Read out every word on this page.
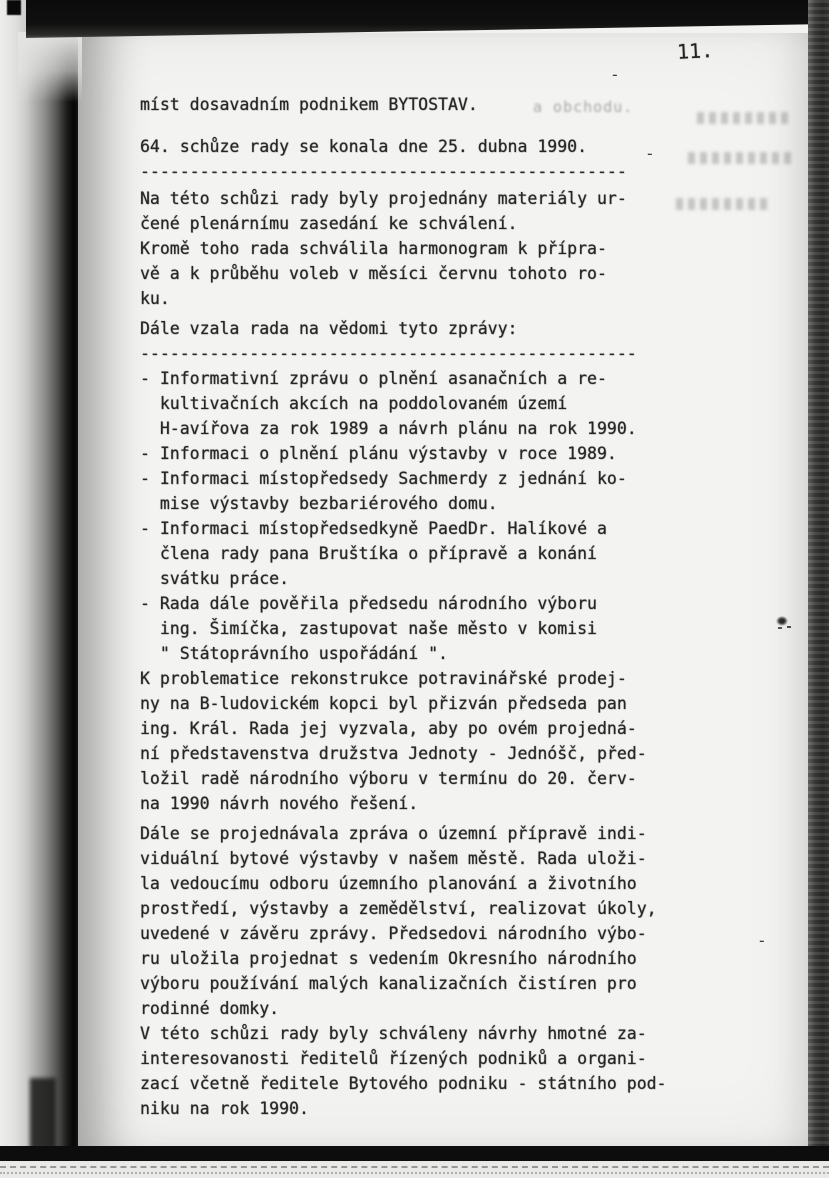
11.
a obchodu.
míst dosavadním podnikem BYTOSTAV.
64. schůze rady se konala dne 25. dubna 1990.
-------------------------------------------------
Na této schůzi rady byly projednány materiály ur-
čené plenárnímu zasedání ke schválení.
Kromě toho rada schválila harmonogram k přípra-
vě a k průběhu voleb v měsíci červnu tohoto ro-
ku.
Dále vzala rada na vědomi tyto zprávy:
--------------------------------------------------
- Informativní zprávu o plnění asanačních a re-
kultivačních akcích na poddolovaném území
H-avířova za rok 1989 a návrh plánu na rok 1990.
- Informaci o plnění plánu výstavby v roce 1989.
- Informaci místopředsedy Sachmerdy z jednání ko-
mise výstavby bezbariérového domu.
- Informaci místopředsedkyně PaedDr. Halíkové a
člena rady pana Bruštíka o přípravě a konání
svátku práce.
- Rada dále pověřila předsedu národního výboru
ing. Šimíčka, zastupovat naše město v komisi
" Státoprávního uspořádání ".
K problematice rekonstrukce potravinářské prodej-
ny na B-ludovickém kopci byl přizván předseda pan
ing. Král. Rada jej vyzvala, aby po ovém projedná-
ní představenstva družstva Jednoty - Jednóšč, před-
ložil radě národního výboru v termínu do 20. červ-
na 1990 návrh nového řešení.
Dále se projednávala zpráva o územní přípravě indi-
viduální bytové výstavby v našem městě. Rada uloži-
la vedoucímu odboru územního planování a životního
prostředí, výstavby a zemědělství, realizovat úkoly,
uvedené v závěru zprávy. Předsedovi národního výbo-
ru uložila projednat s vedením Okresního národního
výboru používání malých kanalizačních čistíren pro
rodinné domky.
V této schůzi rady byly schváleny návrhy hmotné za-
interesovanosti ředitelů řízených podniků a organi-
zací včetně ředitele Bytového podniku - státního pod-
niku na rok 1990.
-
-
-
